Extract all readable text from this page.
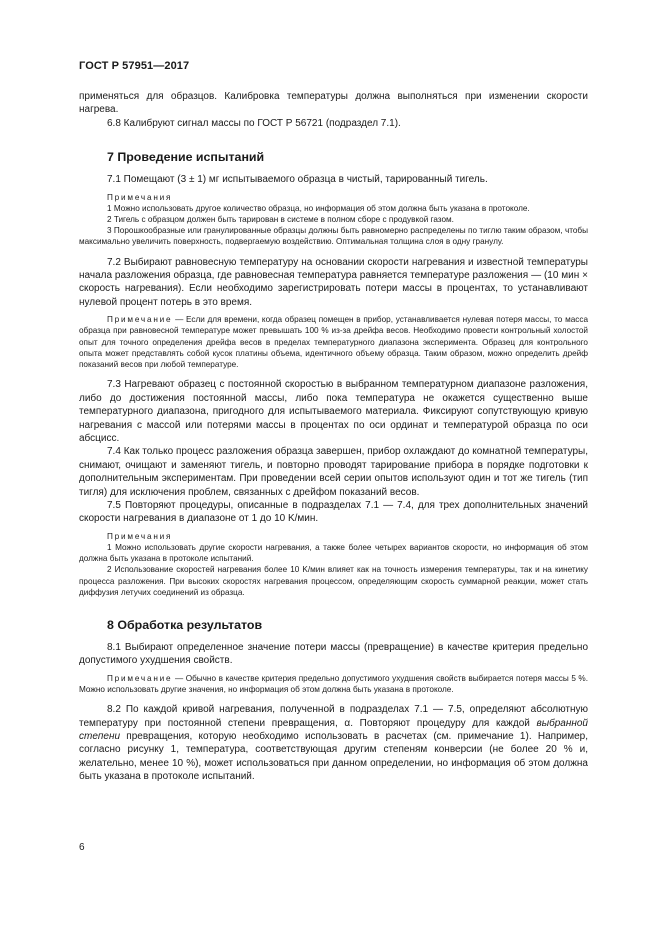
ГОСТ Р 57951—2017

применяться для образцов. Калибровка температуры должна выполняться при изменении скорости нагрева.

6.8 Калибруют сигнал массы по ГОСТ Р 56721 (подраздел 7.1).

7 Проведение испытаний

7.1 Помещают (3 ± 1) мг испытываемого образца в чистый, тарированный тигель.

Примечания

1 Можно использовать другое количество образца, но информация об этом должна быть указана в протоколе.

2 Тигель с образцом должен быть тарирован в системе в полном сборе с продувкой газом.

3 Порошкообразные или гранулированные образцы должны быть равномерно распределены по тиглю таким образом, чтобы максимально увеличить поверхность, подвергаемую воздействию. Оптимальная толщина слоя в одну гранулу.

7.2 Выбирают равновесную температуру на основании скорости нагревания и известной температуры начала разложения образца, где равновесная температура равняется температуре разложения — (10 мин × скорость нагревания). Если необходимо зарегистрировать потери массы в процентах, то устанавливают нулевой процент потерь в это время.

Примечание — Если для времени, когда образец помещен в прибор, устанавливается нулевая потеря массы, то масса образца при равновесной температуре может превышать 100 % из-за дрейфа весов. Необходимо провести контрольный холостой опыт для точного определения дрейфа весов в пределах температурного диапазона эксперимента. Образец для контрольного опыта может представлять собой кусок платины объема, идентичного объему образца. Таким образом, можно определить дрейф показаний весов при любой температуре.

7.3 Нагревают образец с постоянной скоростью в выбранном температурном диапазоне разложения, либо до достижения постоянной массы, либо пока температура не окажется существенно выше температурного диапазона, пригодного для испытываемого материала. Фиксируют сопутствующую кривую нагревания с массой или потерями массы в процентах по оси ординат и температурой образца по оси абсцисс.

7.4 Как только процесс разложения образца завершен, прибор охлаждают до комнатной температуры, снимают, очищают и заменяют тигель, и повторно проводят тарирование прибора в порядке подготовки к дополнительным экспериментам. При проведении всей серии опытов используют один и тот же тигель (тип тигля) для исключения проблем, связанных с дрейфом показаний весов.

7.5 Повторяют процедуры, описанные в подразделах 7.1 — 7.4, для трех дополнительных значений скорости нагревания в диапазоне от 1 до 10 K/мин.

Примечания

1 Можно использовать другие скорости нагревания, а также более четырех вариантов скорости, но информация об этом должна быть указана в протоколе испытаний.

2 Использование скоростей нагревания более 10 K/мин влияет как на точность измерения температуры, так и на кинетику процесса разложения. При высоких скоростях нагревания процессом, определяющим скорость суммарной реакции, может стать диффузия летучих соединений из образца.

8 Обработка результатов

8.1 Выбирают определенное значение потери массы (превращение) в качестве критерия предельно допустимого ухудшения свойств.

Примечание — Обычно в качестве критерия предельно допустимого ухудшения свойств выбирается потеря массы 5 %. Можно использовать другие значения, но информация об этом должна быть указана в протоколе.

8.2 По каждой кривой нагревания, полученной в подразделах 7.1 — 7.5, определяют абсолютную температуру при постоянной степени превращения, α. Повторяют процедуру для каждой выбранной степени превращения, которую необходимо использовать в расчетах (см. примечание 1). Например, согласно рисунку 1, температура, соответствующая другим степеням конверсии (не более 20 % и, желательно, менее 10 %), может использоваться при данном определении, но информация об этом должна быть указана в протоколе испытаний.

6
